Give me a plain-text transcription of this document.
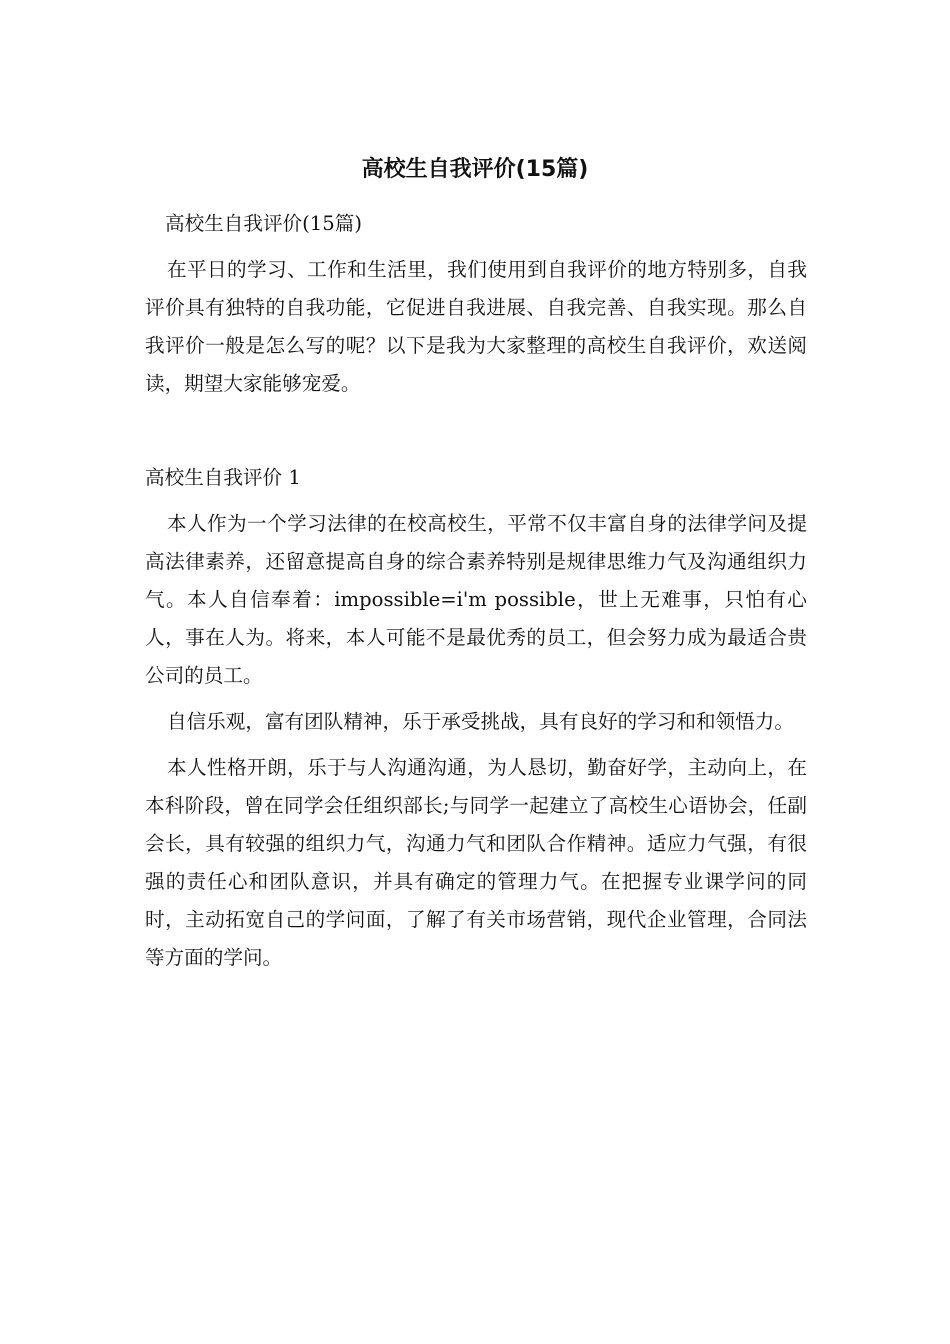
高校生自我评价(15篇)

高校生自我评价(15篇)

在平日的学习、工作和生活里，我们使用到自我评价的地方特别多，自我评价具有独特的自我功能，它促进自我进展、自我完善、自我实现。那么自我评价一般是怎么写的呢？以下是我为大家整理的高校生自我评价，欢送阅读，期望大家能够宠爱。

高校生自我评价 1

本人作为一个学习法律的在校高校生，平常不仅丰富自身的法律学问及提高法律素养，还留意提高自身的综合素养特别是规律思维力气及沟通组织力气。本人自信奉着：impossible=i'm possible，世上无难事，只怕有心人，事在人为。将来，本人可能不是最优秀的员工，但会努力成为最适合贵公司的员工。

自信乐观，富有团队精神，乐于承受挑战，具有良好的学习和和领悟力。

本人性格开朗，乐于与人沟通沟通，为人恳切，勤奋好学，主动向上，在本科阶段，曾在同学会任组织部长;与同学一起建立了高校生心语协会，任副会长，具有较强的组织力气，沟通力气和团队合作精神。适应力气强，有很强的责任心和团队意识，并具有确定的管理力气。在把握专业课学问的同时，主动拓宽自己的学问面，了解了有关市场营销，现代企业管理，合同法等方面的学问。
